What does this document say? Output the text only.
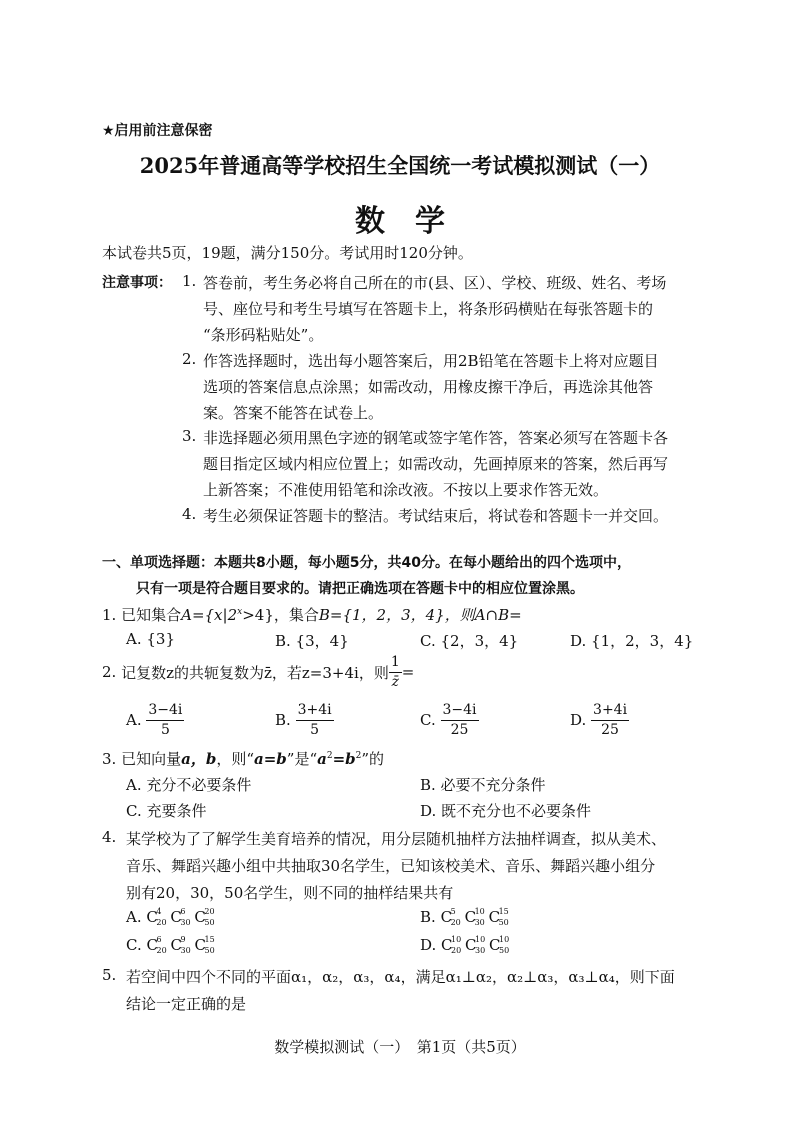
★启用前注意保密
2025年普通高等学校招生全国统一考试模拟测试（一）
数　学
本试卷共5页，19题，满分150分。考试用时120分钟。
注意事项： 1. 答卷前，考生务必将自己所在的市(县、区）、学校、班级、姓名、考场
号、座位号和考生号填写在答题卡上，将条形码横贴在每张答题卡的
“条形码粘贴处”。
2. 作答选择题时，选出每小题答案后，用2B铅笔在答题卡上将对应题目
选项的答案信息点涂黑；如需改动，用橡皮擦干净后，再选涂其他答
案。答案不能答在试卷上。
3. 非选择题必须用黑色字迹的钢笔或签字笔作答，答案必须写在答题卡各
题目指定区域内相应位置上；如需改动，先画掉原来的答案，然后再写
上新答案；不准使用铅笔和涂改液。不按以上要求作答无效。
4. 考生必须保证答题卡的整洁。考试结束后，将试卷和答题卡一并交回。
一、单项选择题：本题共8小题，每小题5分，共40分。在每小题给出的四个选项中，
只有一项是符合题目要求的。请把正确选项在答题卡中的相应位置涂黑。
1. 已知集合$A=\{x|2^x>4\}$，集合B={1，2，3，4}，则A∩B=
A. {3}	B. {3，4}	C. {2，3，4}	D. {1，2，3，4}
2.
记复数z的共轭复数为z̄，若z=3+4i，则 $\frac{1}{z̄}$ =
A.
$\frac{3-4i}{5}$	B.
$\frac{3+4i}{5}$	C.
$\frac{3-4i}{25}$	D.
$\frac{3+4i}{25}$
3. 已知向量a，b，则“a=b”是“$a^2=b^2$”的
A. 充分不必要条件	B. 必要不充分条件
C. 充要条件	D. 既不充分也不必要条件
4. 某学校为了了解学生美育培养的情况，用分层随机抽样方法抽样调查，拟从美术、
音乐、舞蹈兴趣小组中共抽取30名学生，已知该校美术、音乐、舞蹈兴趣小组分
别有20，30，50名学生，则不同的抽样结果共有
A.
C
4
20 C
6
30 C
20
50	B.
C
5
20 C
10
30 C
15
50
C.
C
6
20 C
9
30 C
15
50	D.
C
10
20 C
10
30 C
10
50
5. 若空间中四个不同的平面α₁，α₂，α₃，α₄，满足α₁⊥α₂，α₂⊥α₃，α₃⊥α₄，则下面
结论一定正确的是
数学模拟测试（一）　第1页（共5页）
